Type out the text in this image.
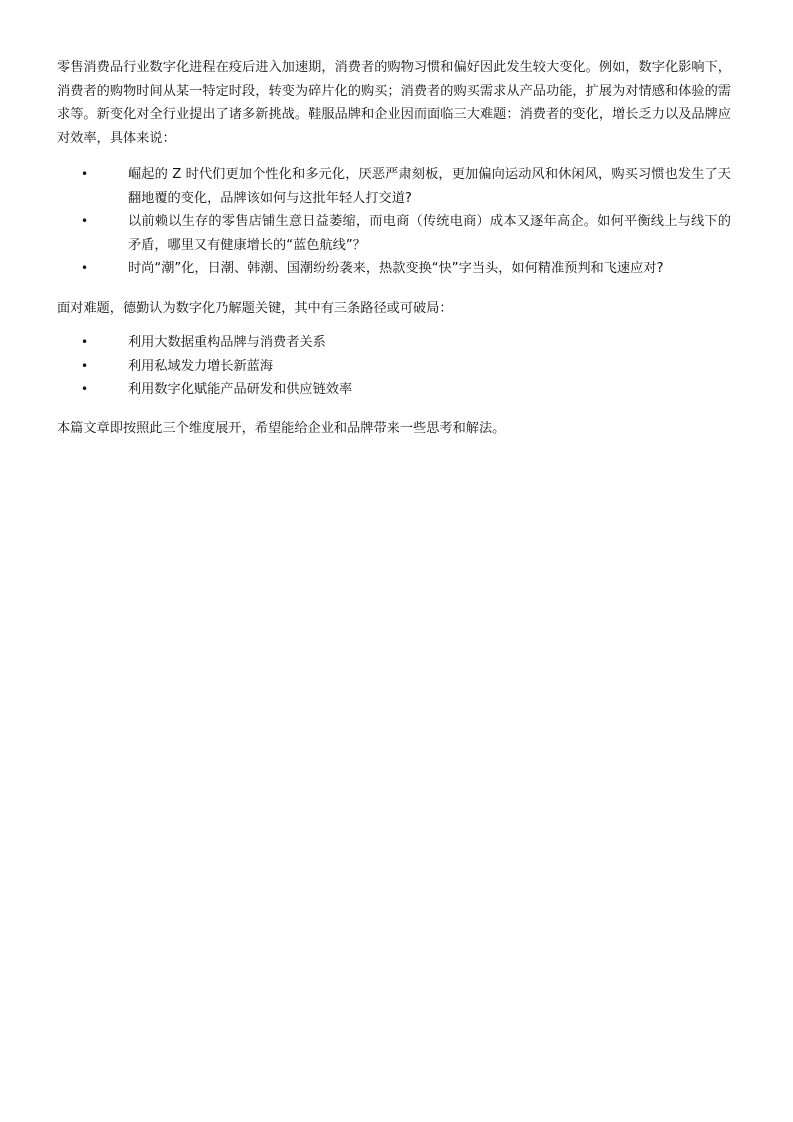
零售消费品行业数字化进程在疫后进入加速期，消费者的购物习惯和偏好因此发生较大变化。例如，数字化影响下，消费者的购物时间从某一特定时段，转变为碎片化的购买；消费者的购买需求从产品功能，扩展为对情感和体验的需求等。新变化对全行业提出了诸多新挑战。鞋服品牌和企业因而面临三大难题：消费者的变化，增长乏力以及品牌应对效率，具体来说：

•	崛起的 Z 时代们更加个性化和多元化，厌恶严肃刻板，更加偏向运动风和休闲风，购买习惯也发生了天翻地覆的变化，品牌该如何与这批年轻人打交道?
•	以前赖以生存的零售店铺生意日益萎缩，而电商（传统电商）成本又逐年高企。如何平衡线上与线下的矛盾，哪里又有健康增长的“蓝色航线”？
•	时尚“潮”化，日潮、韩潮、国潮纷纷袭来，热款变换“快”字当头，如何精准预判和飞速应对?

面对难题，德勤认为数字化乃解题关键，其中有三条路径或可破局：

•	利用大数据重构品牌与消费者关系
•	利用私域发力增长新蓝海
•	利用数字化赋能产品研发和供应链效率

本篇文章即按照此三个维度展开，希望能给企业和品牌带来一些思考和解法。
